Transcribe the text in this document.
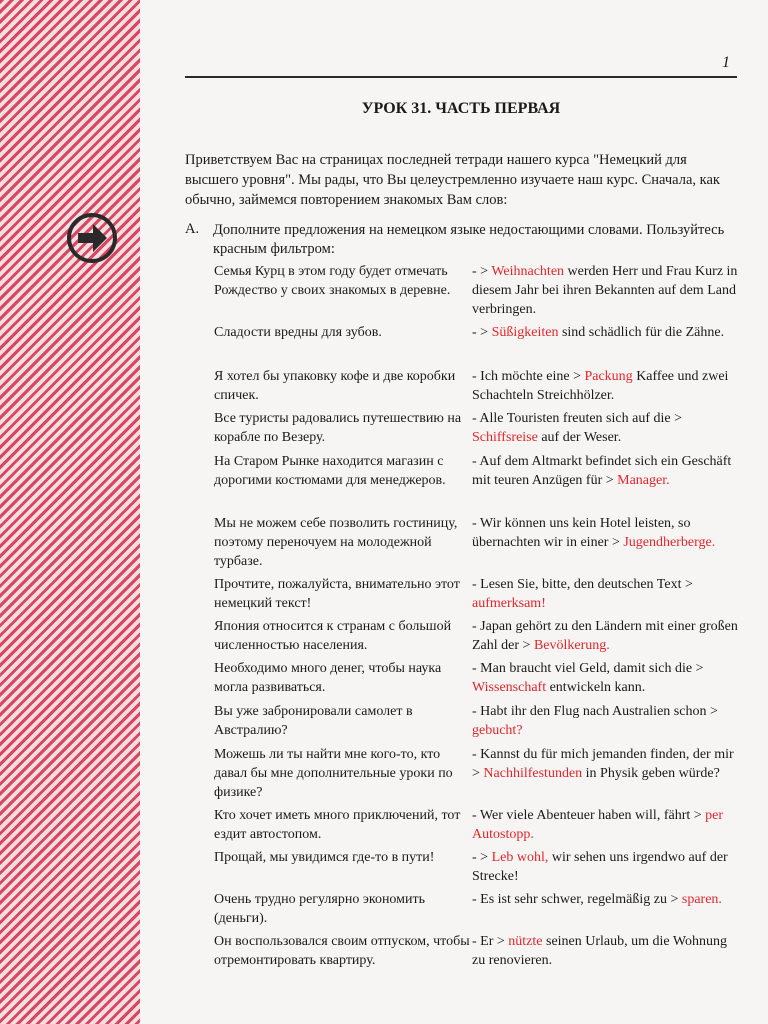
1
УРОК 31. ЧАСТЬ ПЕРВАЯ
Приветствуем Вас на страницах последней тетради нашего курса "Немецкий для высшего уровня". Мы рады, что Вы целеустремленно изучаете наш курс. Сначала, как обычно, займемся повторением знакомых Вам слов:
A. Дополните предложения на немецком языке недостающими словами. Пользуйтесь красным фильтром:
Семья Курц в этом году будет отмечать Рождество у своих знакомых в деревне.
- > Weihnachten werden Herr und Frau Kurz in diesem Jahr bei ihren Bekannten auf dem Land verbringen.
Сладости вредны для зубов.	- > Süßigkeiten sind schädlich für die Zähne.
Я хотел бы упаковку кофе и две коробки спичек.
- Ich möchte eine > Packung Kaffee und zwei Schachteln Streichhölzer.
Все туристы радовались путешествию на корабле по Везеру.
- Alle Touristen freuten sich auf die > Schiffsreise auf der Weser.
На Старом Рынке находится магазин с дорогими костюмами для менеджеров.
- Auf dem Altmarkt befindet sich ein Geschäft mit teuren Anzügen für > Manager.
Мы не можем себе позволить гостиницу, поэтому переночуем на молодежной турбазе.
- Wir können uns kein Hotel leisten, so übernachten wir in einer > Jugendherberge.
Прочтите, пожалуйста, внимательно этот немецкий текст!
- Lesen Sie, bitte, den deutschen Text > aufmerksam!
Япония относится к странам с большой численностью населения.
- Japan gehört zu den Ländern mit einer großen Zahl der > Bevölkerung.
Необходимо много денег, чтобы наука могла развиваться.
- Man braucht viel Geld, damit sich die > Wissenschaft entwickeln kann.
Вы уже забронировали самолет в Австралию?
- Habt ihr den Flug nach Australien schon > gebucht?
Можешь ли ты найти мне кого-то, кто давал бы мне дополнительные уроки по физике?
- Kannst du für mich jemanden finden, der mir > Nachhilfestunden in Physik geben würde?
Кто хочет иметь много приключений, тот ездит автостопом.
- Wer viele Abenteuer haben will, fährt > per Autostopp.
Прощай, мы увидимся где-то в пути!	- > Leb wohl, wir sehen uns irgendwo auf der Strecke!
Очень трудно регулярно экономить (деньги).
- Es ist sehr schwer, regelmäßig zu > sparen.
Он воспользовался своим отпуском, чтобы отремонтировать квартиру.
- Er > nützte seinen Urlaub, um die Wohnung zu renovieren.
